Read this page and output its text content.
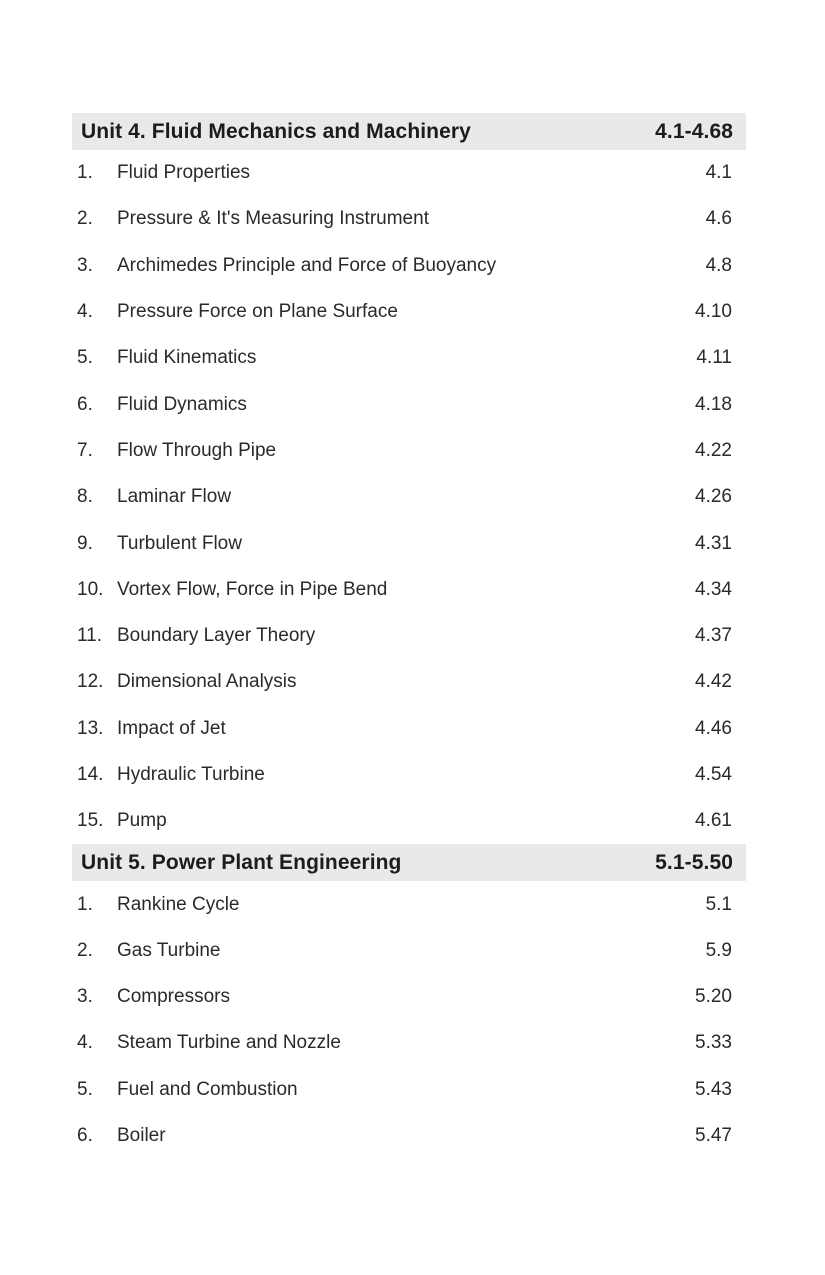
Unit 4. Fluid Mechanics and Machinery	4.1-4.68
1.	Fluid Properties	4.1
2.	Pressure & It's Measuring Instrument	4.6
3.	Archimedes Principle and Force of Buoyancy	4.8
4.	Pressure Force on Plane Surface	4.10
5.	Fluid Kinematics	4.11
6.	Fluid Dynamics	4.18
7.	Flow Through Pipe	4.22
8.	Laminar Flow	4.26
9.	Turbulent Flow	4.31
10. Vortex Flow, Force in Pipe Bend	4.34
11. Boundary Layer Theory	4.37
12. Dimensional Analysis	4.42
13. Impact of Jet	4.46
14. Hydraulic Turbine	4.54
15. Pump	4.61
Unit 5. Power Plant Engineering	5.1-5.50
1.	Rankine Cycle	5.1
2.	Gas Turbine	5.9
3.	Compressors	5.20
4.	Steam Turbine and Nozzle	5.33
5.	Fuel and Combustion	5.43
6.	Boiler	5.47
